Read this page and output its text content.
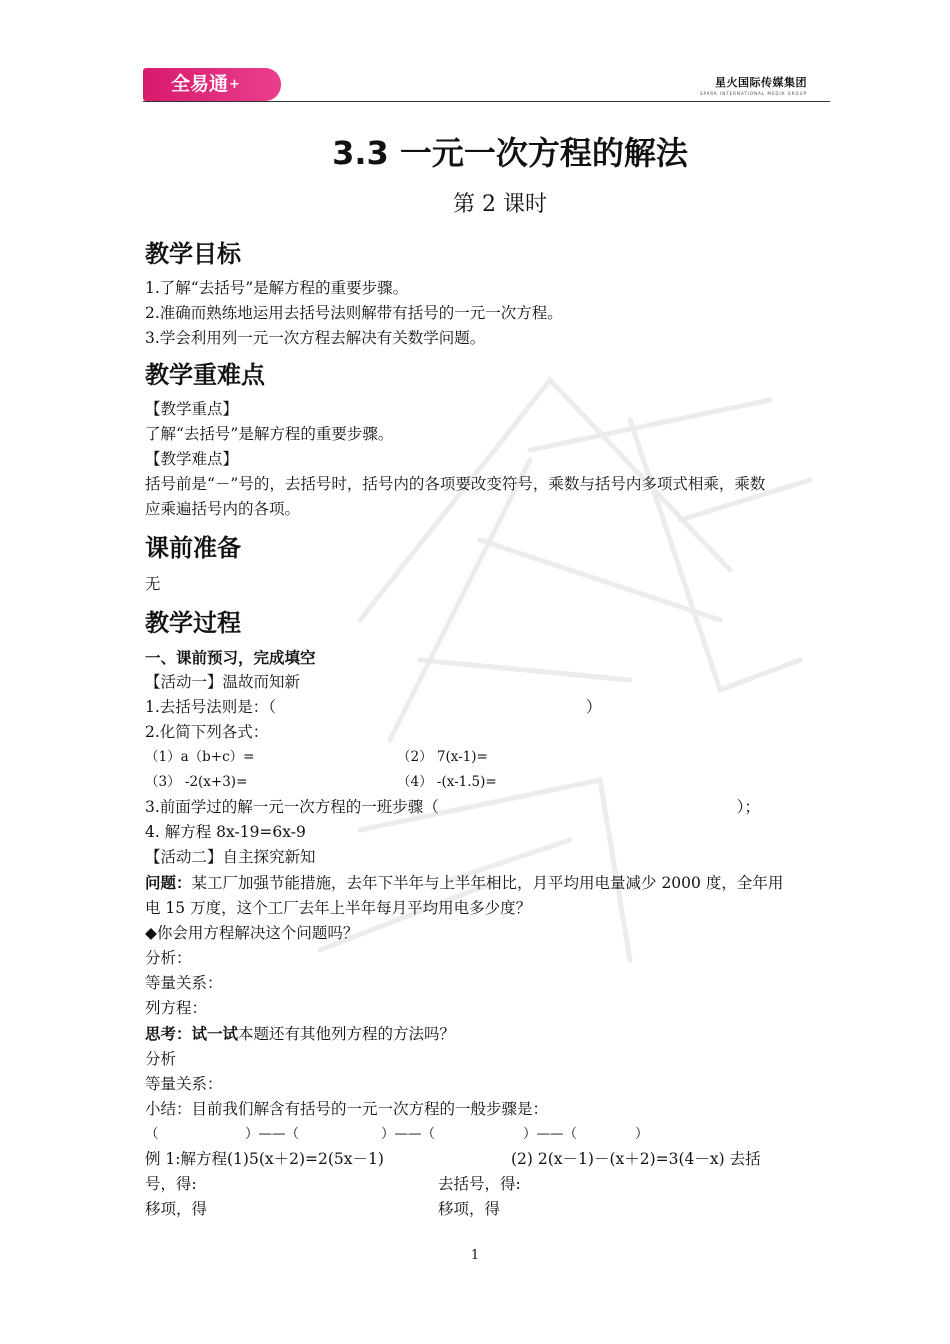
全易通+	星火国际传媒集团
SPARK INTERNATIONAL MEDIA GROUP
3.3 一元一次方程的解法
第 2 课时
教学目标
1.了解“去括号”是解方程的重要步骤。
2.准确而熟练地运用去括号法则解带有括号的一元一次方程。
3.学会利用列一元一次方程去解决有关数学问题。
教学重难点
【教学重点】
了解“去括号”是解方程的重要步骤。
【教学难点】
括号前是“－”号的，去括号时，括号内的各项要改变符号，乘数与括号内多项式相乘，乘数
应乘遍括号内的各项。
课前准备
无
教学过程
一、课前预习，完成填空
【活动一】温故而知新
1.去括号法则是：（	）
2.化简下列各式：
（1）a（b+c）=	（2） 7(x-1)=
（3） -2(x+3)=	（4） -(x-1.5)=
3.前面学过的解一元一次方程的一班步骤（	）；
4. 解方程 8x-19=6x-9
【活动二】自主探究新知
问题：某工厂加强节能措施，去年下半年与上半年相比，月平均用电量减少 2000 度，全年用
电 15 万度，这个工厂去年上半年每月平均用电多少度？
◆你会用方程解决这个问题吗？
分析：
等量关系：
列方程：
思考：试一试本题还有其他列方程的方法吗？
分析
等量关系：
小结：目前我们解含有括号的一元一次方程的一般步骤是：
（	）——（	）——（	）——（	）
例 1:解方程(1)5(x＋2)=2(5x－1)	(2) 2(x－1)－(x＋2)=3(4－x) 去括
号，得:	去括号，得:
移项，得	移项，得
1
